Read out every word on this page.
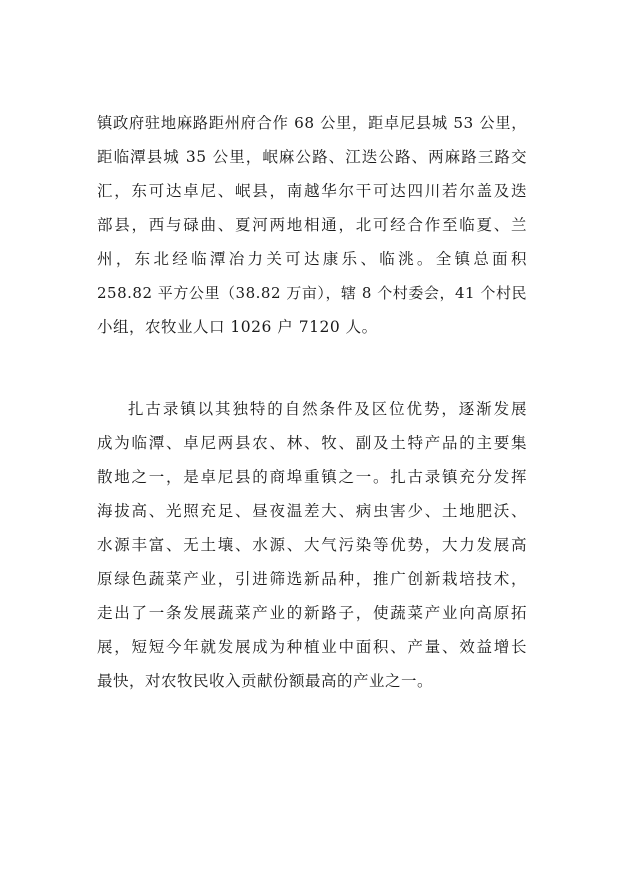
镇政府驻地麻路距州府合作 68 公里，距卓尼县城 53 公里，
距临潭县城 35 公里，岷麻公路、江迭公路、两麻路三路交
汇，东可达卓尼、岷县，南越华尔干可达四川若尔盖及迭
部县，西与碌曲、夏河两地相通，北可经合作至临夏、兰
州，东北经临潭冶力关可达康乐、临洮。全镇总面积
258.82 平方公里（38.82 万亩），辖 8 个村委会，41 个村民
小组，农牧业人口 1026 户 7120 人。
扎古录镇以其独特的自然条件及区位优势，逐渐发展
成为临潭、卓尼两县农、林、牧、副及土特产品的主要集
散地之一，是卓尼县的商埠重镇之一。扎古录镇充分发挥
海拔高、光照充足、昼夜温差大、病虫害少、土地肥沃、
水源丰富、无土壤、水源、大气污染等优势，大力发展高
原绿色蔬菜产业，引进筛选新品种，推广创新栽培技术，
走出了一条发展蔬菜产业的新路子，使蔬菜产业向高原拓
展，短短今年就发展成为种植业中面积、产量、效益增长
最快，对农牧民收入贡献份额最高的产业之一。
